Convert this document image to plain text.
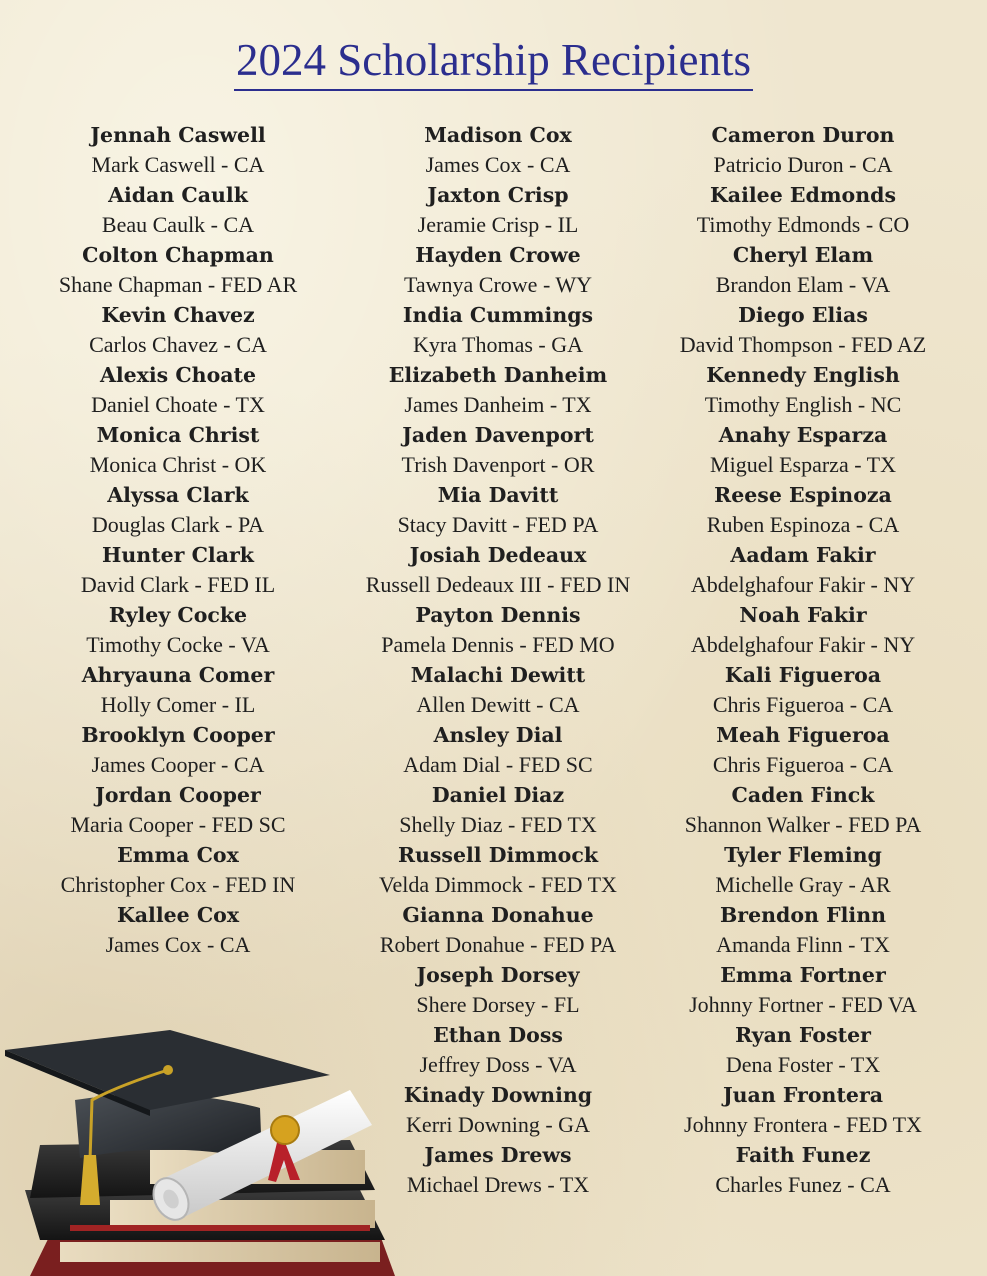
2024 Scholarship Recipients
Jennah Caswell
Mark Caswell - CA
Aidan Caulk
Beau Caulk - CA
Colton Chapman
Shane Chapman - FED AR
Kevin Chavez
Carlos Chavez - CA
Alexis Choate
Daniel Choate - TX
Monica Christ
Monica Christ - OK
Alyssa Clark
Douglas Clark - PA
Hunter Clark
David Clark - FED IL
Ryley Cocke
Timothy Cocke - VA
Ahryauna Comer
Holly Comer - IL
Brooklyn Cooper
James Cooper - CA
Jordan Cooper
Maria Cooper - FED SC
Emma Cox
Christopher Cox - FED IN
Kallee Cox
James Cox - CA
Madison Cox
James Cox - CA
Jaxton Crisp
Jeramie Crisp - IL
Hayden Crowe
Tawnya Crowe - WY
India Cummings
Kyra Thomas - GA
Elizabeth Danheim
James Danheim - TX
Jaden Davenport
Trish Davenport - OR
Mia Davitt
Stacy Davitt - FED PA
Josiah Dedeaux
Russell Dedeaux III - FED IN
Payton Dennis
Pamela Dennis - FED MO
Malachi Dewitt
Allen Dewitt - CA
Ansley Dial
Adam Dial - FED SC
Daniel Diaz
Shelly Diaz - FED TX
Russell Dimmock
Velda Dimmock - FED TX
Gianna Donahue
Robert Donahue - FED PA
Joseph Dorsey
Shere Dorsey - FL
Ethan Doss
Jeffrey Doss - VA
Kinady Downing
Kerri Downing - GA
James Drews
Michael Drews - TX
Cameron Duron
Patricio Duron - CA
Kailee Edmonds
Timothy Edmonds - CO
Cheryl Elam
Brandon Elam - VA
Diego Elias
David Thompson - FED AZ
Kennedy English
Timothy English - NC
Anahy Esparza
Miguel Esparza - TX
Reese Espinoza
Ruben Espinoza - CA
Aadam Fakir
Abdelghafour Fakir - NY
Noah Fakir
Abdelghafour Fakir - NY
Kali Figueroa
Chris Figueroa - CA
Meah Figueroa
Chris Figueroa - CA
Caden Finck
Shannon Walker - FED PA
Tyler Fleming
Michelle Gray - AR
Brendon Flinn
Amanda Flinn - TX
Emma Fortner
Johnny Fortner - FED VA
Ryan Foster
Dena Foster - TX
Juan Frontera
Johnny Frontera - FED TX
Faith Funez
Charles Funez - CA
